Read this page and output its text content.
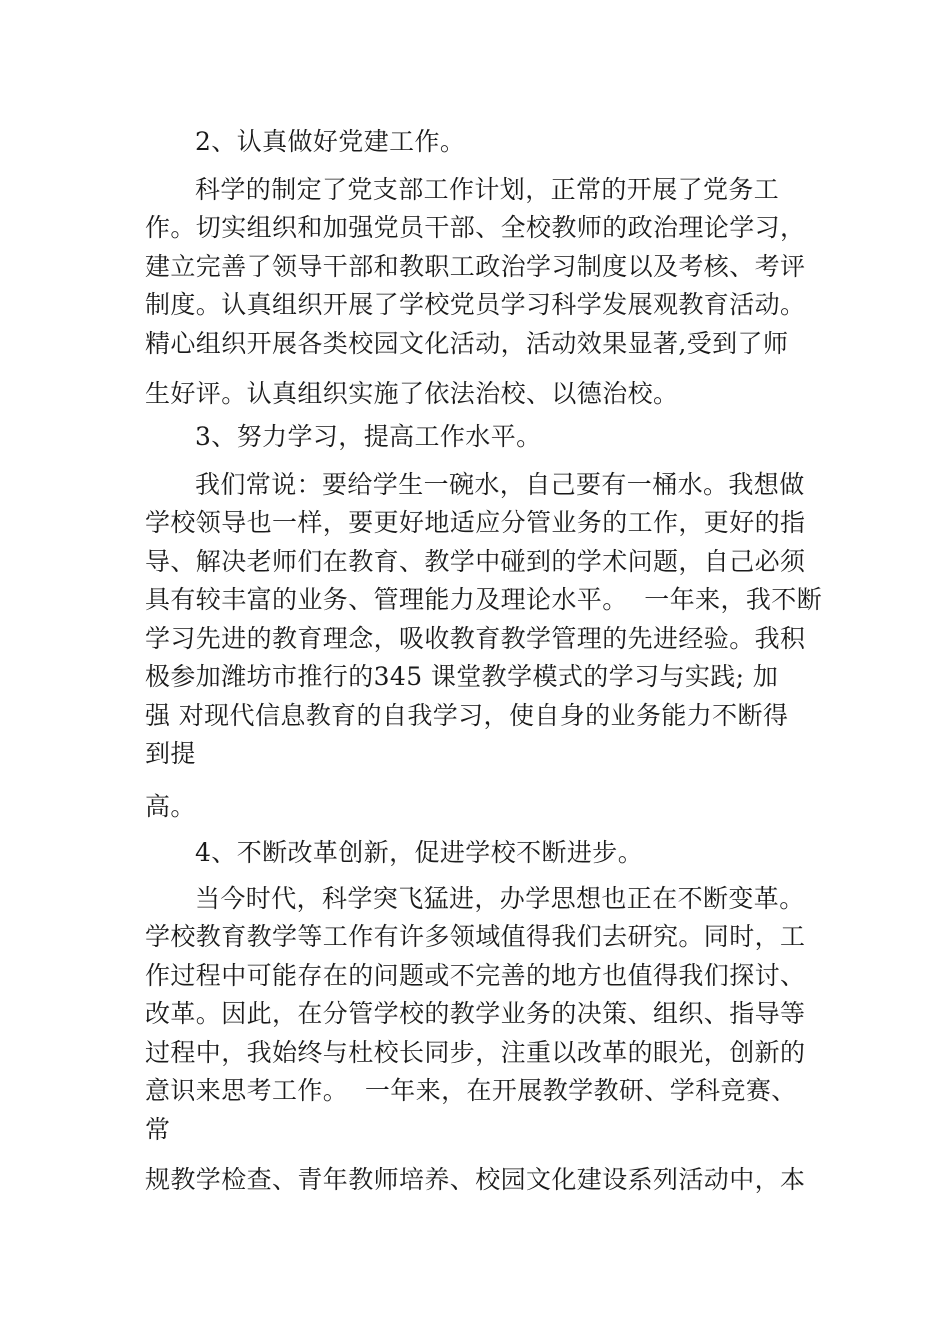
2、认真做好党建工作。
科学的制定了党支部工作计划，正常的开展了党务工
作。切实组织和加强党员干部、全校教师的政治理论学习，
建立完善了领导干部和教职工政治学习制度以及考核、考评
制度。认真组织开展了学校党员学习科学发展观教育活动。
精心组织开展各类校园文化活动，活动效果显著,受到了师
生好评。认真组织实施了依法治校、以德治校。
3、努力学习，提高工作水平。
我们常说：要给学生一碗水，自己要有一桶水。我想做
学校领导也一样，要更好地适应分管业务的工作，更好的指
导、解决老师们在教育、教学中碰到的学术问题，自己必须
具有较丰富的业务、管理能力及理论水平。  一年来，我不断
学习先进的教育理念，吸收教育教学管理的先进经验。我积
极参加潍坊市推行的345 课堂教学模式的学习与实践; 加
强 对现代信息教育的自我学习，使自身的业务能力不断得
到提
高。
4、不断改革创新，促进学校不断进步。
当今时代，科学突飞猛进，办学思想也正在不断变革。
学校教育教学等工作有许多领域值得我们去研究。同时，工
作过程中可能存在的问题或不完善的地方也值得我们探讨、
改革。因此，在分管学校的教学业务的决策、组织、指导等
过程中，我始终与杜校长同步，注重以改革的眼光，创新的
意识来思考工作。  一年来，在开展教学教研、学科竞赛、
常
规教学检查、青年教师培养、校园文化建设系列活动中，本
